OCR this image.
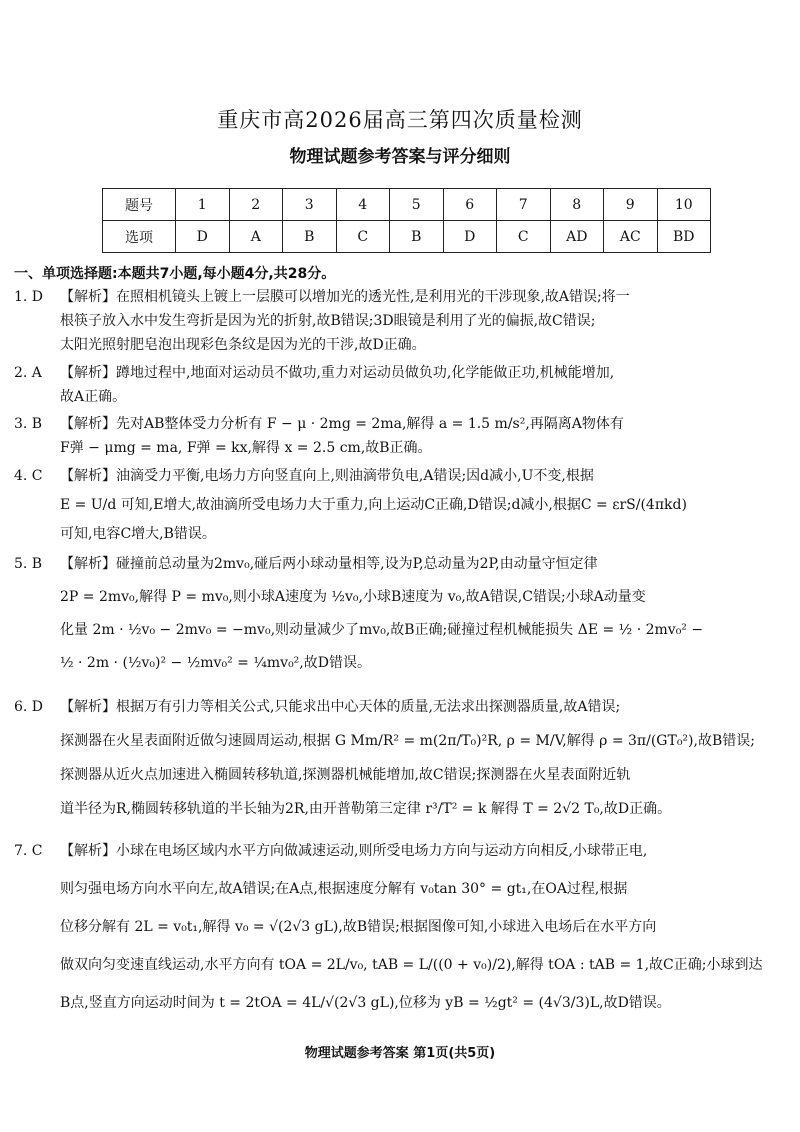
重庆市高2026届高三第四次质量检测
物理试题参考答案与评分细则
题号	1	2	3	4	5	6	7	8	9	10
选项	D	A	B	C	B	D	C	AD	AC	BD
一、单项选择题:本题共7小题,每小题4分,共28分。
1. D 【解析】在照相机镜头上镀上一层膜可以增加光的透光性,是利用光的干涉现象,故A错误;将一
根筷子放入水中发生弯折是因为光的折射,故B错误;3D眼镜是利用了光的偏振,故C错误;
太阳光照射肥皂泡出现彩色条纹是因为光的干涉,故D正确。
2. A 【解析】蹲地过程中,地面对运动员不做功,重力对运动员做负功,化学能做正功,机械能增加,
故A正确。
3. B 【解析】先对AB整体受力分析有 F − μ · 2mg = 2ma,解得 a = 1.5 m/s²,再隔离A物体有
F弹 − μmg = ma, F弹 = kx,解得 x = 2.5 cm,故B正确。
4. C 【解析】油滴受力平衡,电场力方向竖直向上,则油滴带负电,A错误;因d减小,U不变,根据
E = U/d 可知,E增大,故油滴所受电场力大于重力,向上运动C正确,D错误;d减小,根据C = εrS/(4πkd)
可知,电容C增大,B错误。
5. B 【解析】碰撞前总动量为2mv₀,碰后两小球动量相等,设为P,总动量为2P,由动量守恒定律
2P = 2mv₀,解得 P = mv₀,则小球A速度为 ½v₀,小球B速度为 v₀,故A错误,C错误;小球A动量变
化量 2m · ½v₀ − 2mv₀ = −mv₀,则动量减少了mv₀,故B正确;碰撞过程机械能损失 ΔE = ½ · 2mv₀² −
½ · 2m · (½v₀)² − ½mv₀² = ¼mv₀²,故D错误。
6. D 【解析】根据万有引力等相关公式,只能求出中心天体的质量,无法求出探测器质量,故A错误;
探测器在火星表面附近做匀速圆周运动,根据 G Mm/R² = m(2π/T₀)²R, ρ = M/V,解得 ρ = 3π/(GT₀²),故B错误;
探测器从近火点加速进入椭圆转移轨道,探测器机械能增加,故C错误;探测器在火星表面附近轨
道半径为R,椭圆转移轨道的半长轴为2R,由开普勒第三定律 r³/T² = k 解得 T = 2√2 T₀,故D正确。
7. C 【解析】小球在电场区域内水平方向做减速运动,则所受电场力方向与运动方向相反,小球带正电,
则匀强电场方向水平向左,故A错误;在A点,根据速度分解有 v₀tan 30° = gt₁,在OA过程,根据
位移分解有 2L = v₀t₁,解得 v₀ = √(2√3 gL),故B错误;根据图像可知,小球进入电场后在水平方向
做双向匀变速直线运动,水平方向有 tOA = 2L/v₀, tAB = L/((0 + v₀)/2),解得 tOA : tAB = 1,故C正确;小球到达
B点,竖直方向运动时间为 t = 2tOA = 4L/√(2√3 gL),位移为 yB = ½gt² = (4√3/3)L,故D错误。
物理试题参考答案 第1页(共5页)
